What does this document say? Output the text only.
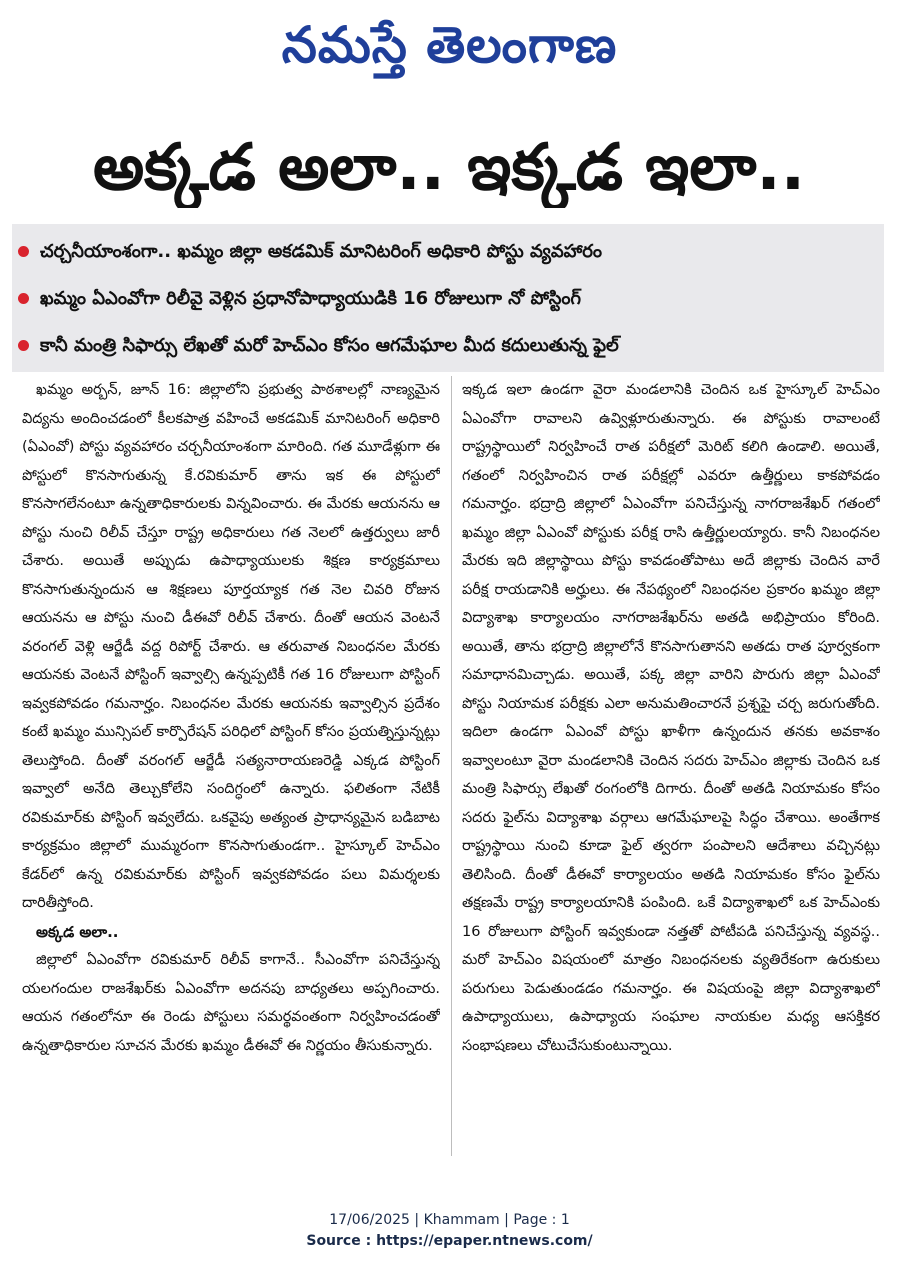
నమస్తే తెలంగాణ
అక్కడ అలా.. ఇక్కడ ఇలా..
చర్చనీయాంశంగా.. ఖమ్మం జిల్లా అకడమిక్ మానిటరింగ్ అధికారి పోస్టు వ్యవహారం
ఖమ్మం ఏఎంవోగా రిలీవై వెళ్లిన ప్రధానోపాధ్యాయుడికి 16 రోజులుగా నో పోస్టింగ్
కానీ మంత్రి సిఫార్సు లేఖతో మరో హెచ్‌ఎం కోసం ఆగమేఘాల మీద కదులుతున్న ఫైల్

ఖమ్మం అర్బన్, జూన్ 16: జిల్లాలోని ప్రభుత్వ పాఠశాలల్లో నాణ్యమైన విద్యను అందించడంలో కీలకపాత్ర వహించే అకడమిక్ మానిటరింగ్ అధికారి (ఏఎంవో) పోస్టు వ్యవహారం చర్చనీయాంశంగా మారింది. గత మూడేళ్లుగా ఈ పోస్టులో కొనసాగుతున్న కే.రవికుమార్ తాను ఇక ఈ పోస్టులో కొనసాగలేనంటూ ఉన్నతాధికారులకు విన్నవించారు. ఈ మేరకు ఆయనను ఆ పోస్టు నుంచి రిలీవ్ చేస్తూ రాష్ట్ర అధికారులు గత నెలలో ఉత్తర్వులు జారీ చేశారు. అయితే అప్పుడు ఉపాధ్యాయులకు శిక్షణ కార్యక్రమాలు కొనసాగుతున్నందున ఆ శిక్షణలు పూర్తయ్యాక గత నెల చివరి రోజున ఆయనను ఆ పోస్టు నుంచి డీఈవో రిలీవ్ చేశారు. దీంతో ఆయన వెంటనే వరంగల్ వెళ్లి ఆర్జేడీ వద్ద రిపోర్ట్ చేశారు. ఆ తరువాత నిబంధనల మేరకు ఆయనకు వెంటనే పోస్టింగ్ ఇవ్వాల్సి ఉన్నప్పటికీ గత 16 రోజులుగా పోస్టింగ్ ఇవ్వకపోవడం గమనార్హం. నిబంధనల మేరకు ఆయనకు ఇవ్వాల్సిన ప్రదేశం కంటే ఖమ్మం మున్సిపల్ కార్పొరేషన్ పరిధిలో పోస్టింగ్ కోసం ప్రయత్నిస్తున్నట్లు తెలుస్తోంది. దీంతో వరంగల్ ఆర్జేడీ సత్యనారాయణరెడ్డి ఎక్కడ పోస్టింగ్ ఇవ్వాలో అనేది తెల్చుకోలేని సందిగ్ధంలో ఉన్నారు. ఫలితంగా నేటికీ రవికుమార్‌కు పోస్టింగ్ ఇవ్వలేదు. ఒకవైపు అత్యంత ప్రాధాన్యమైన బడిబాట కార్యక్రమం జిల్లాలో ముమ్మరంగా కొనసాగుతుండగా.. హైస్కూల్ హెచ్‌ఎం కేడర్‌లో ఉన్న రవికుమార్‌కు పోస్టింగ్ ఇవ్వకపోవడం పలు విమర్శలకు దారితీస్తోంది.

అక్కడ అలా..

జిల్లాలో ఏఎంవోగా రవికుమార్ రిలీవ్ కాగానే.. సీఎంవోగా పనిచేస్తున్న యలగందుల రాజశేఖర్‌కు ఏఎంవోగా అదనపు బాధ్యతలు అప్పగించారు. ఆయన గతంలోనూ ఈ రెండు పోస్టులు సమర్థవంతంగా నిర్వహించడంతో ఉన్నతాధికారుల సూచన మేరకు ఖమ్మం డీఈవో ఈ నిర్ణయం తీసుకున్నారు.

ఇక్కడ ఇలా ఉండగా వైరా మండలానికి చెందిన ఒక హైస్కూల్ హెచ్‌ఎం ఏఎంవోగా రావాలని ఉవ్విళ్లూరుతున్నారు. ఈ పోస్టుకు రావాలంటే రాష్ట్రస్థాయిలో నిర్వహించే రాత పరీక్షలో మెరిట్ కలిగి ఉండాలి. అయితే, గతంలో నిర్వహించిన రాత పరీక్షల్లో ఎవరూ ఉత్తీర్ణులు కాకపోవడం గమనార్హం. భద్రాద్రి జిల్లాలో ఏఎంవోగా పనిచేస్తున్న నాగరాజశేఖర్ గతంలో ఖమ్మం జిల్లా ఏఎంవో పోస్టుకు పరీక్ష రాసి ఉత్తీర్ణులయ్యారు. కానీ నిబంధనల మేరకు ఇది జిల్లాస్థాయి పోస్టు కావడంతోపాటు అదే జిల్లాకు చెందిన వారే పరీక్ష రాయడానికి అర్హులు. ఈ నేపథ్యంలో నిబంధనల ప్రకారం ఖమ్మం జిల్లా విద్యాశాఖ కార్యాలయం నాగరాజశేఖర్‌ను అతడి అభిప్రాయం కోరింది. అయితే, తాను భద్రాద్రి జిల్లాలోనే కొనసాగుతానని అతడు రాత పూర్వకంగా సమాధానమిచ్చాడు. అయితే, పక్క జిల్లా వారిని పొరుగు జిల్లా ఏఎంవో పోస్టు నియామక పరీక్షకు ఎలా అనుమతించారనే ప్రశ్నపై చర్చ జరుగుతోంది. ఇదిలా ఉండగా ఏఎంవో పోస్టు ఖాళీగా ఉన్నందున తనకు అవకాశం ఇవ్వాలంటూ వైరా మండలానికి చెందిన సదరు హెచ్‌ఎం జిల్లాకు చెందిన ఒక మంత్రి సిఫార్సు లేఖతో రంగంలోకి దిగారు. దీంతో అతడి నియామకం కోసం సదరు ఫైల్‌ను విద్యాశాఖ వర్గాలు ఆగమేఘాలపై సిద్ధం చేశాయి. అంతేగాక రాష్ట్రస్థాయి నుంచి కూడా ఫైల్ త్వరగా పంపాలని ఆదేశాలు వచ్చినట్లు తెలిసింది. దీంతో డీఈవో కార్యాలయం అతడి నియామకం కోసం ఫైల్‌ను తక్షణమే రాష్ట్ర కార్యాలయానికి పంపింది. ఒకే విద్యాశాఖలో ఒక హెచ్‌ఎంకు 16 రోజులుగా పోస్టింగ్ ఇవ్వకుండా నత్తతో పోటీపడి పనిచేస్తున్న వ్యవస్థ.. మరో హెచ్‌ఎం విషయంలో మాత్రం నిబంధనలకు వ్యతిరేకంగా ఉరుకులు పరుగులు పెడుతుండడం గమనార్హం. ఈ విషయంపై జిల్లా విద్యాశాఖలో ఉపాధ్యాయులు, ఉపాధ్యాయ సంఘాల నాయకుల మధ్య ఆసక్తికర సంభాషణలు చోటుచేసుకుంటున్నాయి.

17/06/2025 | Khammam | Page : 1
Source : https://epaper.ntnews.com/
